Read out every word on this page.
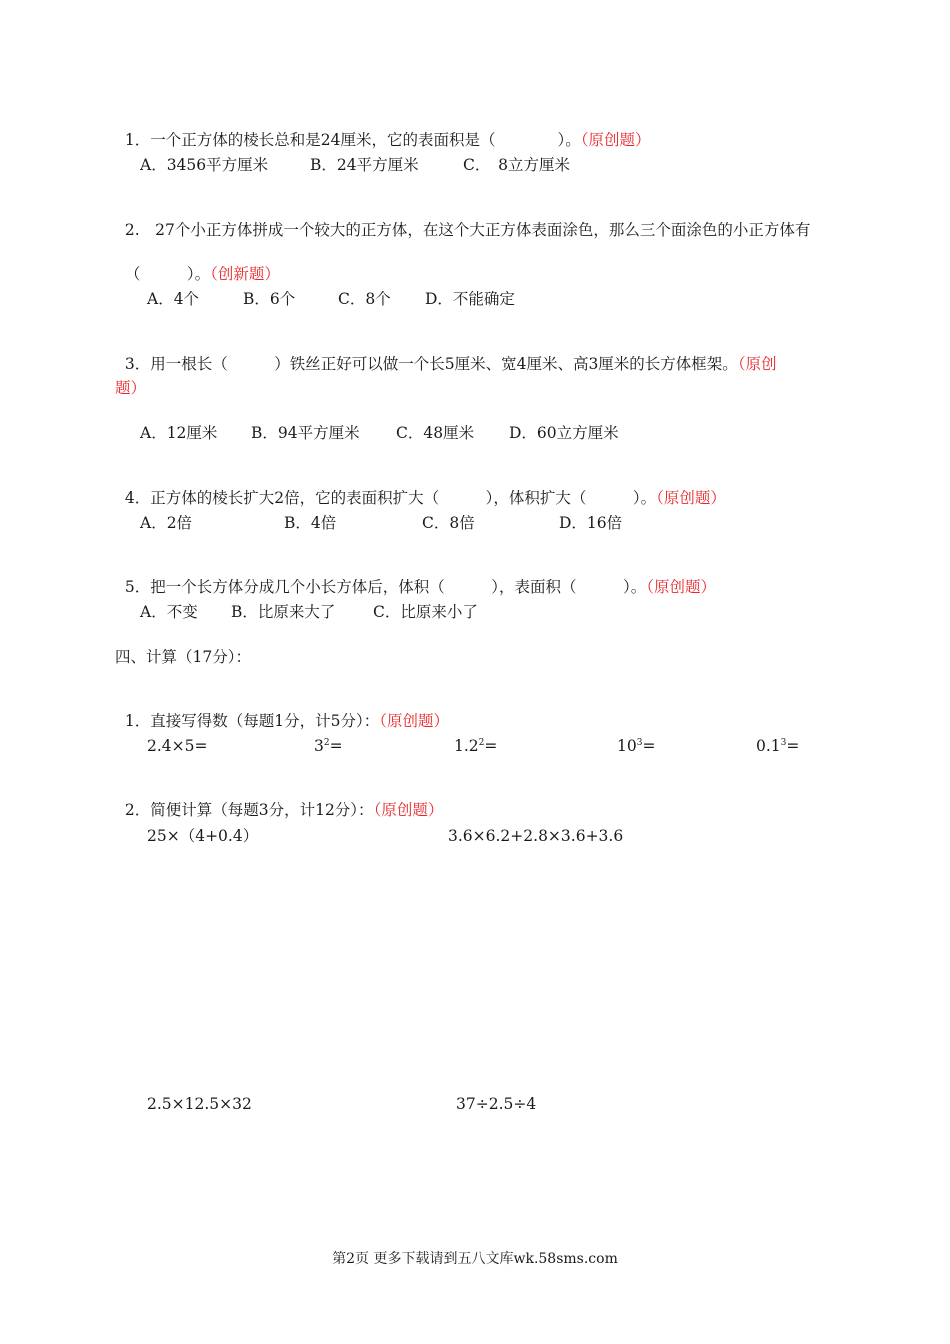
1．一个正方体的棱长总和是24厘米，它的表面积是（　　　　）。（原创题）

A．3456平方厘米	B．24平方厘米	C．　8立方厘米

2.　27个小正方体拼成一个较大的正方体，在这个大正方体表面涂色，那么三个面涂色的小正方体有

（　　　）。（创新题）

A．4个	B．6个	C．8个 D．不能确定

3．用一根长（　　　）铁丝正好可以做一个长5厘米、宽4厘米、高3厘米的长方体框架。（原创

题）
A．12厘米 B．94平方厘米 C．48厘米 D．60立方厘米

4．正方体的棱长扩大2倍，它的表面积扩大（　　　），体积扩大（　　　）。（原创题）

A．2倍	B．4倍	C．8倍	D．16倍

5．把一个长方体分成几个小长方体后，体积（　　　），表面积（　　　）。（原创题）

A．不变 B．比原来大了 C．比原来小了
四、计算（17分）：

1．直接写得数（每题1分，计5分）：（原创题）

2.4×5=	$3^2=$	$1.2^2=$	$10^3=$	$0.1^3=$

2．简便计算（每题3分，计12分）：（原创题）

25×（4+0.4）	3.6×6.2+2.8×3.6+3.6
2.5×12.5×32	37÷2.5÷4
第2页 更多下载请到五八文库wk.58sms.com
